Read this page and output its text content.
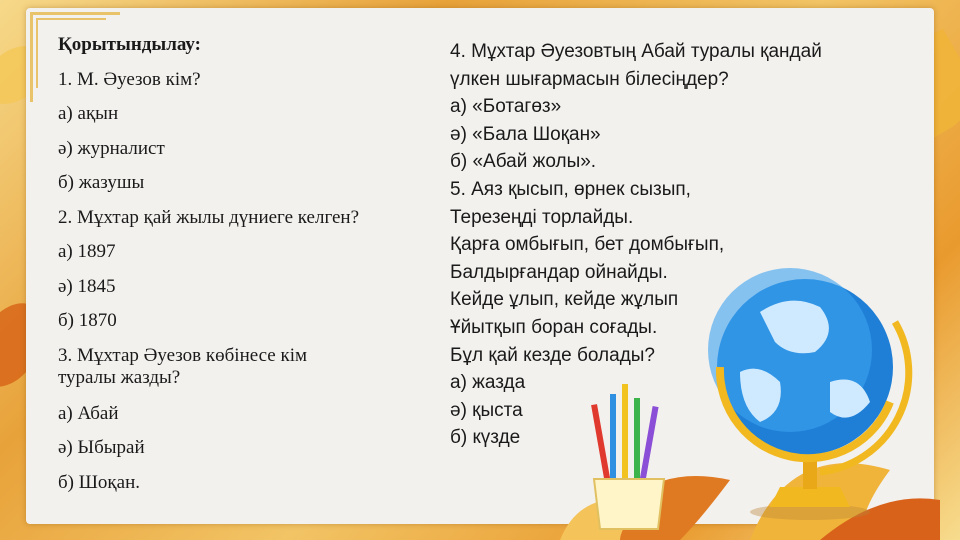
Қорытындылау:

1. М. Әуезов кім?

а) ақын

ә) журналист

б) жазушы

2. Мұхтар қай жылы дүниеге келген?

а) 1897

ә) 1845

б) 1870

3. Мұхтар Әуезов көбінесе кім

туралы жазды?

а) Абай

ә) Ыбырай

б) Шоқан.

4. Мұхтар Әуезовтың Абай туралы қандай

үлкен шығармасын білесіңдер?

а) «Ботагөз»

ә) «Бала Шоқан»

б) «Абай жолы».

5. Аяз қысып, өрнек сызып,

Терезеңді торлайды.

Қарға омбығып, бет домбығып,

Балдырғандар ойнайды.

Кейде ұлып, кейде жұлып

Ұйытқып боран соғады.

Бұл қай кезде болады?

а) жазда

ә) қыста

б) күзде
